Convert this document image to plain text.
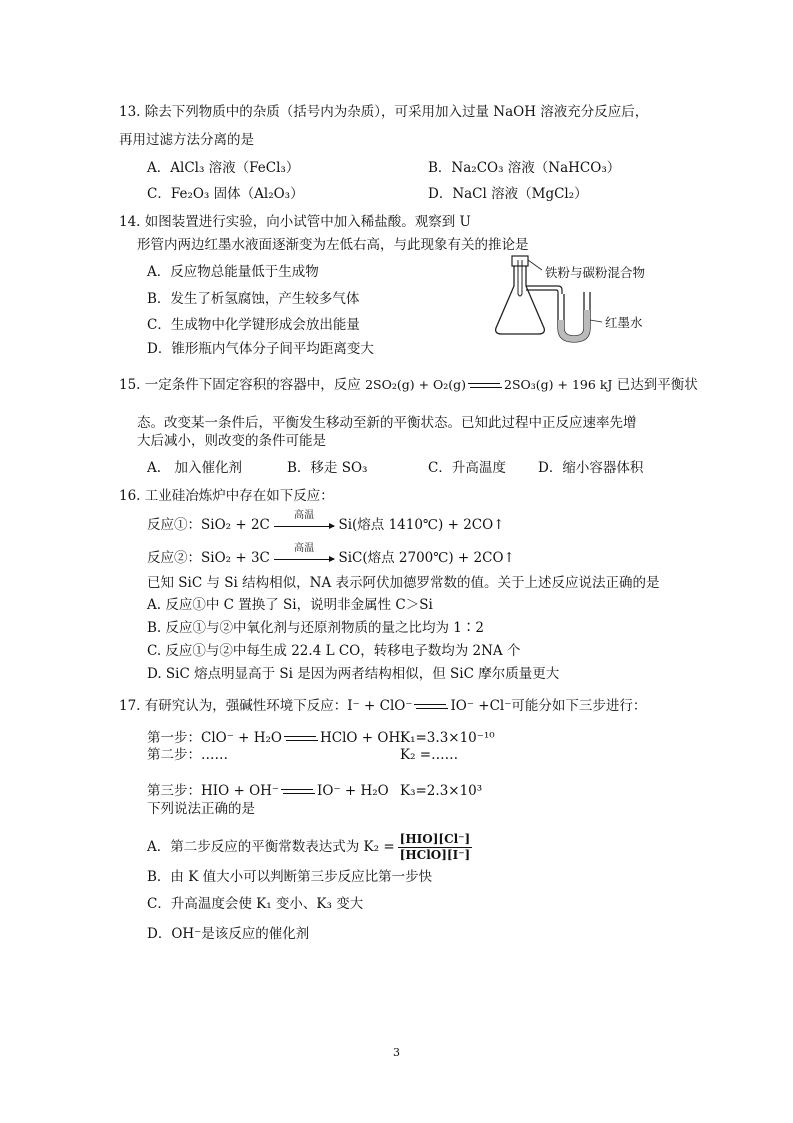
13. 除去下列物质中的杂质（括号内为杂质），可采用加入过量 NaOH 溶液充分反应后，
再用过滤方法分离的是
A．AlCl₃ 溶液（FeCl₃）	B．Na₂CO₃ 溶液（NaHCO₃）
C．Fe₂O₃ 固体（Al₂O₃）	D．NaCl 溶液（MgCl₂）
14. 如图装置进行实验，向小试管中加入稀盐酸。观察到 U
形管内两边红墨水液面逐渐变为左低右高，与此现象有关的推论是
A．反应物总能量低于生成物
B．发生了析氢腐蚀，产生较多气体
C．生成物中化学键形成会放出能量
D．锥形瓶内气体分子间平均距离变大
铁粉与碳粉混合物
红墨水
15. 一定条件下固定容积的容器中，反应 2SO₂(g) + O₂(g)	2SO₃(g) + 196 kJ 已达到平衡状
态。改变某一条件后，平衡发生移动至新的平衡状态。已知此过程中正反应速率先增
大后减小，则改变的条件可能是
A.　加入催化剂	B．移走 SO₃	C．升高温度 D．缩小容器体积
16. 工业硅冶炼炉中存在如下反应：
反应①：SiO₂ + 2C
高温
Si(熔点 1410℃) + 2CO↑
反应②：SiO₂ + 3C
高温
SiC(熔点 2700℃) + 2CO↑
已知 SiC 与 Si 结构相似，NA 表示阿伏加德罗常数的值。关于上述反应说法正确的是
A. 反应①中 C 置换了 Si，说明非金属性 C＞Si
B. 反应①与②中氧化剂与还原剂物质的量之比均为 1∶2
C. 反应①与②中每生成 22.4 L CO，转移电子数均为 2NA 个
D. SiC 熔点明显高于 Si 是因为两者结构相似，但 SiC 摩尔质量更大
17. 有研究认为，强碱性环境下反应：I⁻ + ClO⁻	IO⁻ +Cl⁻可能分如下三步进行：
第一步：ClO⁻ + H₂O	HClO + OH⁻
K₁=3.3×10⁻¹⁰
第二步：……	K₂ =……
第三步：HIO + OH⁻	IO⁻ + H₂O K₃=2.3×10³
下列说法正确的是
A．第二步反应的平衡常数表达式为 $K_2 = \frac{\text{[HIO][Cl⁻]}}{\text{[HClO][I⁻]}}$
B．由 K 值大小可以判断第三步反应比第一步快
C．升高温度会使 K₁ 变小、K₃ 变大
D．OH⁻是该反应的催化剂
3
